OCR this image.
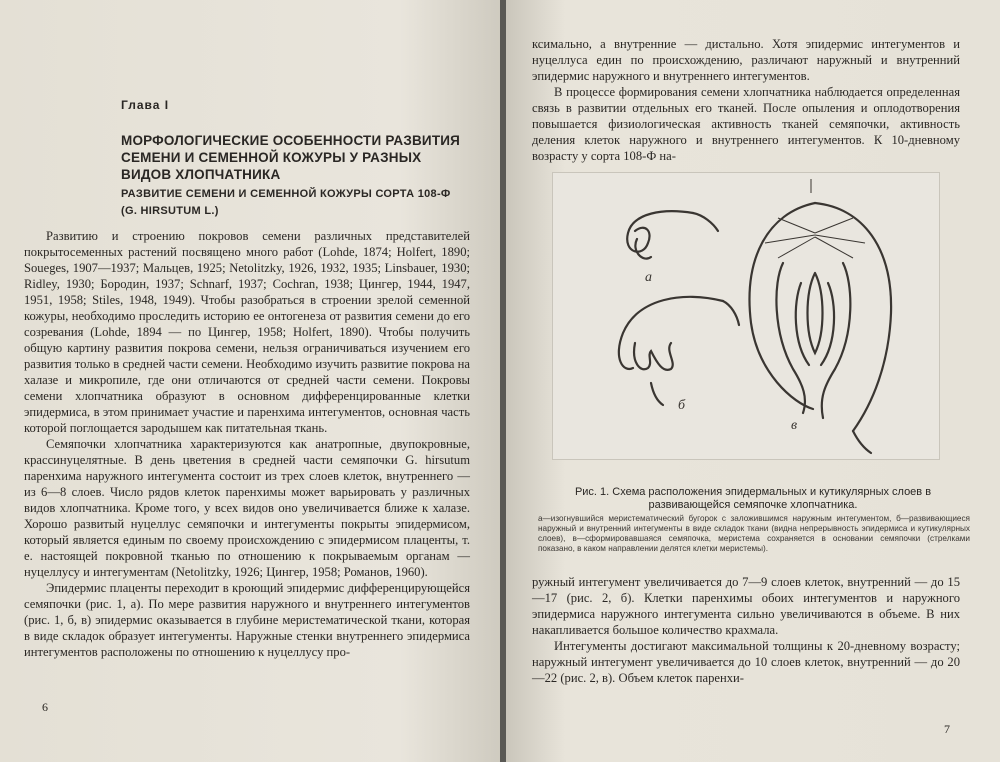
Глава I
МОРФОЛОГИЧЕСКИЕ ОСОБЕННОСТИ РАЗВИТИЯ СЕМЕНИ И СЕМЕННОЙ КОЖУРЫ У РАЗНЫХ ВИДОВ ХЛОПЧАТНИКА
РАЗВИТИЕ СЕМЕНИ И СЕМЕННОЙ КОЖУРЫ СОРТА 108-Ф (G. HIRSUTUM L.)

Развитию и строению покровов семени различных представителей покрытосеменных растений посвящено много работ (Lohde, 1874; Holfert, 1890; Soueges, 1907—1937; Мальцев, 1925; Netolitzky, 1926, 1932, 1935; Linsbauer, 1930; Ridley, 1930; Бородин, 1937; Schnarf, 1937; Cochran, 1938; Цингер, 1944, 1947, 1951, 1958; Stiles, 1948, 1949). Чтобы разобраться в строении зрелой семенной кожуры, необходимо проследить историю ее онтогенеза от развития семени до его созревания (Lohde, 1894 — по Цингер, 1958; Holfert, 1890). Чтобы получить общую картину развития покрова семени, нельзя ограничиваться изучением его развития только в средней части семени. Необходимо изучить развитие покрова на халазе и микропиле, где они отличаются от средней части семени. Покровы семени хлопчатника образуют в основном дифференцированные клетки эпидермиса, в этом принимает участие и паренхима интегументов, основная часть которой поглощается зародышем как питательная ткань.

Семяпочки хлопчатника характеризуются как анатропные, двупокровные, крассинуцелятные. В день цветения в средней части семяпочки G. hirsutum паренхима наружного интегумента состоит из трех слоев клеток, внутреннего — из 6—8 слоев. Число рядов клеток паренхимы может варьировать у различных видов хлопчатника. Кроме того, у всех видов оно увеличивается ближе к халазе. Хорошо развитый нуцеллус семяпочки и интегументы покрыты эпидермисом, который является единым по своему происхождению с эпидермисом плаценты, т. е. настоящей покровной тканью по отношению к покрываемым органам — нуцеллусу и интегументам (Netolitzky, 1926; Цингер, 1958; Романов, 1960).

Эпидермис плаценты переходит в кроющий эпидермис дифференцирующейся семяпочки (рис. 1, а). По мере развития наружного и внутреннего интегументов (рис. 1, б, в) эпидермис оказывается в глубине меристематической ткани, которая в виде складок образует интегументы. Наружные стенки внутреннего эпидермиса интегументов расположены по отношению к нуцеллусу про-

6

ксимально, а внутренние — дистально. Хотя эпидермис интегументов и нуцеллуса един по происхождению, различают наружный и внутренний эпидермис наружного и внутреннего интегументов.

В процессе формирования семени хлопчатника наблюдается определенная связь в развитии отдельных его тканей. После опыления и оплодотворения повышается физиологическая активность тканей семяпочки, активность деления клеток наружного и внутреннего интегументов. К 10-дневному возрасту у сорта 108-Ф на-

а
б
в
Рис. 1. Схема расположения эпидермальных и кутикулярных слоев в развивающейся семяпочке хлопчатника.
а—изогнувшийся меристематический бугорок с заложившимся наружным интегументом, б—развивающиеся наружный и внутренний интегументы в виде складок ткани (видна непрерывность эпидермиса и кутикулярных слоев), в—сформировавшаяся семяпочка, меристема сохраняется в основании семяпочки (стрелками показано, в каком направлении делятся клетки меристемы).

ружный интегумент увеличивается до 7—9 слоев клеток, внутренний — до 15—17 (рис. 2, б). Клетки паренхимы обоих интегументов и наружного эпидермиса наружного интегумента сильно увеличиваются в объеме. В них накапливается большое количество крахмала.

Интегументы достигают максимальной толщины к 20-дневному возрасту; наружный интегумент увеличивается до 10 слоев клеток, внутренний — до 20—22 (рис. 2, в). Объем клеток паренхи-

7
